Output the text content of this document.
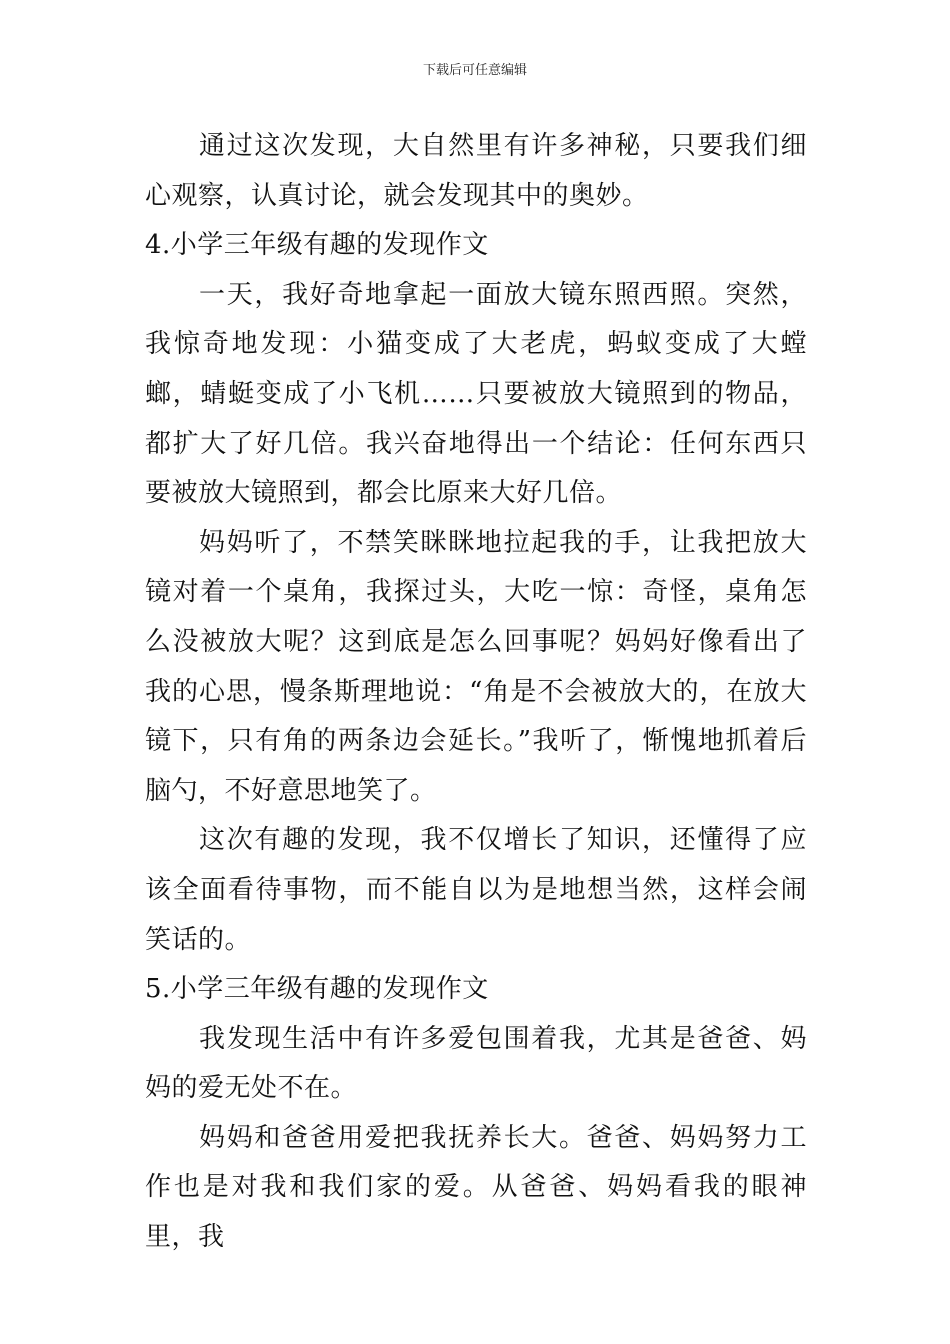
下载后可任意编辑

通过这次发现，大自然里有许多神秘，只要我们细心观察，认真讨论，就会发现其中的奥妙。

4.小学三年级有趣的发现作文

一天，我好奇地拿起一面放大镜东照西照。突然，我惊奇地发现：小猫变成了大老虎，蚂蚁变成了大螳螂，蜻蜓变成了小飞机……只要被放大镜照到的物品，都扩大了好几倍。我兴奋地得出一个结论：任何东西只要被放大镜照到，都会比原来大好几倍。

妈妈听了，不禁笑眯眯地拉起我的手，让我把放大镜对着一个桌角，我探过头，大吃一惊：奇怪，桌角怎么没被放大呢？这到底是怎么回事呢？妈妈好像看出了我的心思，慢条斯理地说：“角是不会被放大的，在放大镜下，只有角的两条边会延长。”我听了，惭愧地抓着后脑勺，不好意思地笑了。

这次有趣的发现，我不仅增长了知识，还懂得了应该全面看待事物，而不能自以为是地想当然，这样会闹笑话的。

5.小学三年级有趣的发现作文

我发现生活中有许多爱包围着我，尤其是爸爸、妈妈的爱无处不在。

妈妈和爸爸用爱把我抚养长大。爸爸、妈妈努力工作也是对我和我们家的爱。从爸爸、妈妈看我的眼神里，我
